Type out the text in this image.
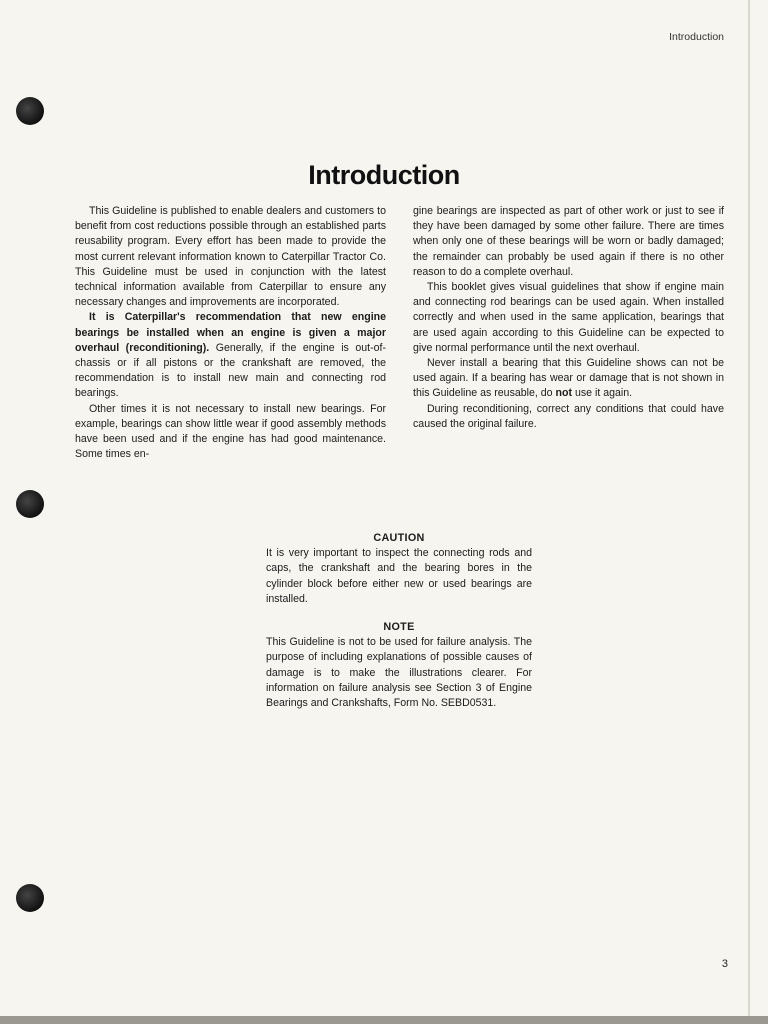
Introduction
Introduction

This Guideline is published to enable dealers and customers to benefit from cost reductions possible through an established parts reusability program. Every effort has been made to provide the most current relevant information known to Caterpillar Tractor Co. This Guideline must be used in conjunction with the latest technical information available from Caterpillar to ensure any necessary changes and improvements are incorporated.

It is Caterpillar's recommendation that new engine bearings be installed when an engine is given a major overhaul (reconditioning). Generally, if the engine is out-of-chassis or if all pistons or the crankshaft are removed, the recommendation is to install new main and connecting rod bearings.

Other times it is not necessary to install new bearings. For example, bearings can show little wear if good assembly methods have been used and if the engine has had good maintenance. Some times en-

gine bearings are inspected as part of other work or just to see if they have been damaged by some other failure. There are times when only one of these bearings will be worn or badly damaged; the remainder can probably be used again if there is no other reason to do a complete overhaul.

This booklet gives visual guidelines that show if engine main and connecting rod bearings can be used again. When installed correctly and when used in the same application, bearings that are used again according to this Guideline can be expected to give normal performance until the next overhaul.

Never install a bearing that this Guideline shows can not be used again. If a bearing has wear or damage that is not shown in this Guideline as reusable, do not use it again.

During reconditioning, correct any conditions that could have caused the original failure.

CAUTION

It is very important to inspect the connecting rods and caps, the crankshaft and the bearing bores in the cylinder block before either new or used bearings are installed.

NOTE

This Guideline is not to be used for failure analysis. The purpose of including explanations of possible causes of damage is to make the illustrations clearer. For information on failure analysis see Section 3 of Engine Bearings and Crankshafts, Form No. SEBD0531.

3
